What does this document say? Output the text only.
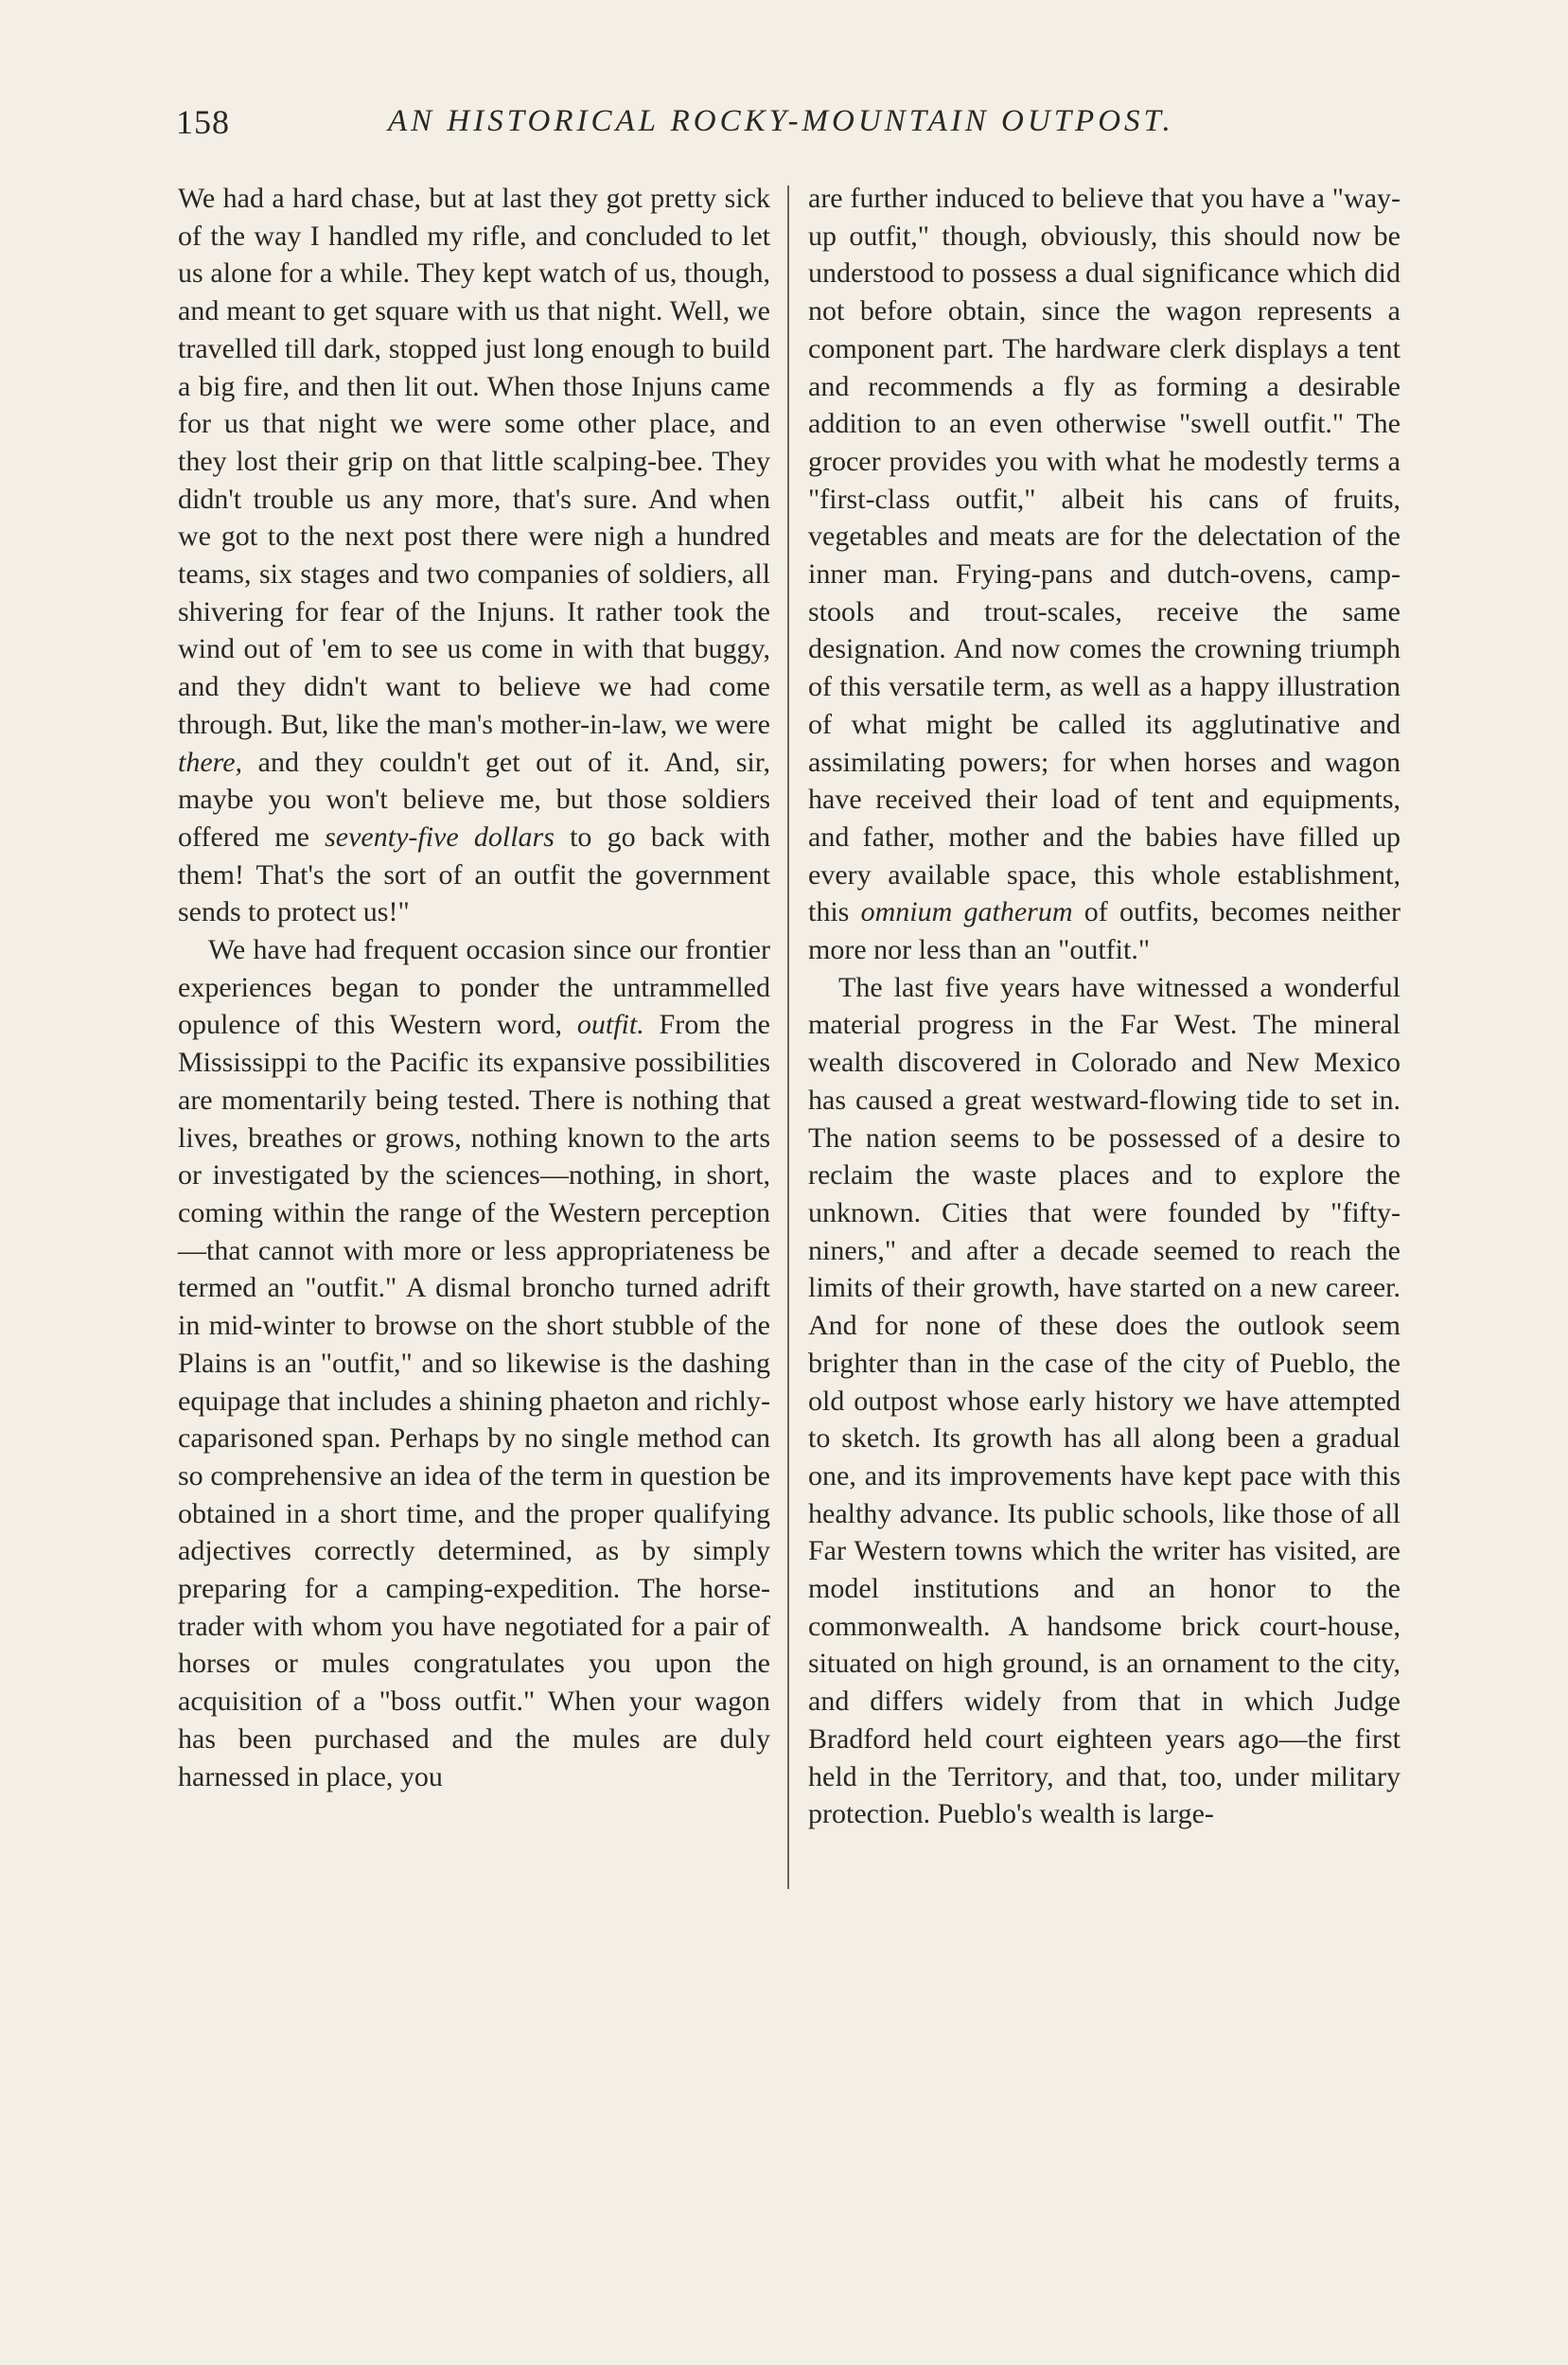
158	AN HISTORICAL ROCKY-MOUNTAIN OUTPOST.

We had a hard chase, but at last they got pretty sick of the way I handled my rifle, and concluded to let us alone for a while. They kept watch of us, though, and meant to get square with us that night. Well, we travelled till dark, stopped just long enough to build a big fire, and then lit out. When those Injuns came for us that night we were some other place, and they lost their grip on that little scalping-bee. They didn't trouble us any more, that's sure. And when we got to the next post there were nigh a hundred teams, six stages and two companies of soldiers, all shivering for fear of the Injuns. It rather took the wind out of 'em to see us come in with that buggy, and they didn't want to believe we had come through. But, like the man's mother-in-law, we were there, and they couldn't get out of it. And, sir, maybe you won't believe me, but those soldiers offered me seventy-five dollars to go back with them! That's the sort of an outfit the government sends to protect us!"

We have had frequent occasion since our frontier experiences began to ponder the untrammelled opulence of this Western word, outfit. From the Mississippi to the Pacific its expansive possibilities are momentarily being tested. There is nothing that lives, breathes or grows, nothing known to the arts or investigated by the sciences—nothing, in short, coming within the range of the Western perception—that cannot with more or less appropriateness be termed an "outfit." A dismal broncho turned adrift in mid-winter to browse on the short stubble of the Plains is an "outfit," and so likewise is the dashing equipage that includes a shining phaeton and richly-caparisoned span. Perhaps by no single method can so comprehensive an idea of the term in question be obtained in a short time, and the proper qualifying adjectives correctly determined, as by simply preparing for a camping-expedition. The horse-trader with whom you have negotiated for a pair of horses or mules congratulates you upon the acquisition of a "boss outfit." When your wagon has been purchased and the mules are duly harnessed in place, you

are further induced to believe that you have a "way-up outfit," though, obviously, this should now be understood to possess a dual significance which did not before obtain, since the wagon represents a component part. The hardware clerk displays a tent and recommends a fly as forming a desirable addition to an even otherwise "swell outfit." The grocer provides you with what he modestly terms a "first-class outfit," albeit his cans of fruits, vegetables and meats are for the delectation of the inner man. Frying-pans and dutch-ovens, camp-stools and trout-scales, receive the same designation. And now comes the crowning triumph of this versatile term, as well as a happy illustration of what might be called its agglutinative and assimilating powers; for when horses and wagon have received their load of tent and equipments, and father, mother and the babies have filled up every available space, this whole establishment, this omnium gatherum of outfits, becomes neither more nor less than an "outfit."

The last five years have witnessed a wonderful material progress in the Far West. The mineral wealth discovered in Colorado and New Mexico has caused a great westward-flowing tide to set in. The nation seems to be possessed of a desire to reclaim the waste places and to explore the unknown. Cities that were founded by "fifty-niners," and after a decade seemed to reach the limits of their growth, have started on a new career. And for none of these does the outlook seem brighter than in the case of the city of Pueblo, the old outpost whose early history we have attempted to sketch. Its growth has all along been a gradual one, and its improvements have kept pace with this healthy advance. Its public schools, like those of all Far Western towns which the writer has visited, are model institutions and an honor to the commonwealth. A handsome brick court-house, situated on high ground, is an ornament to the city, and differs widely from that in which Judge Bradford held court eighteen years ago—the first held in the Territory, and that, too, under military protection. Pueblo's wealth is large-
